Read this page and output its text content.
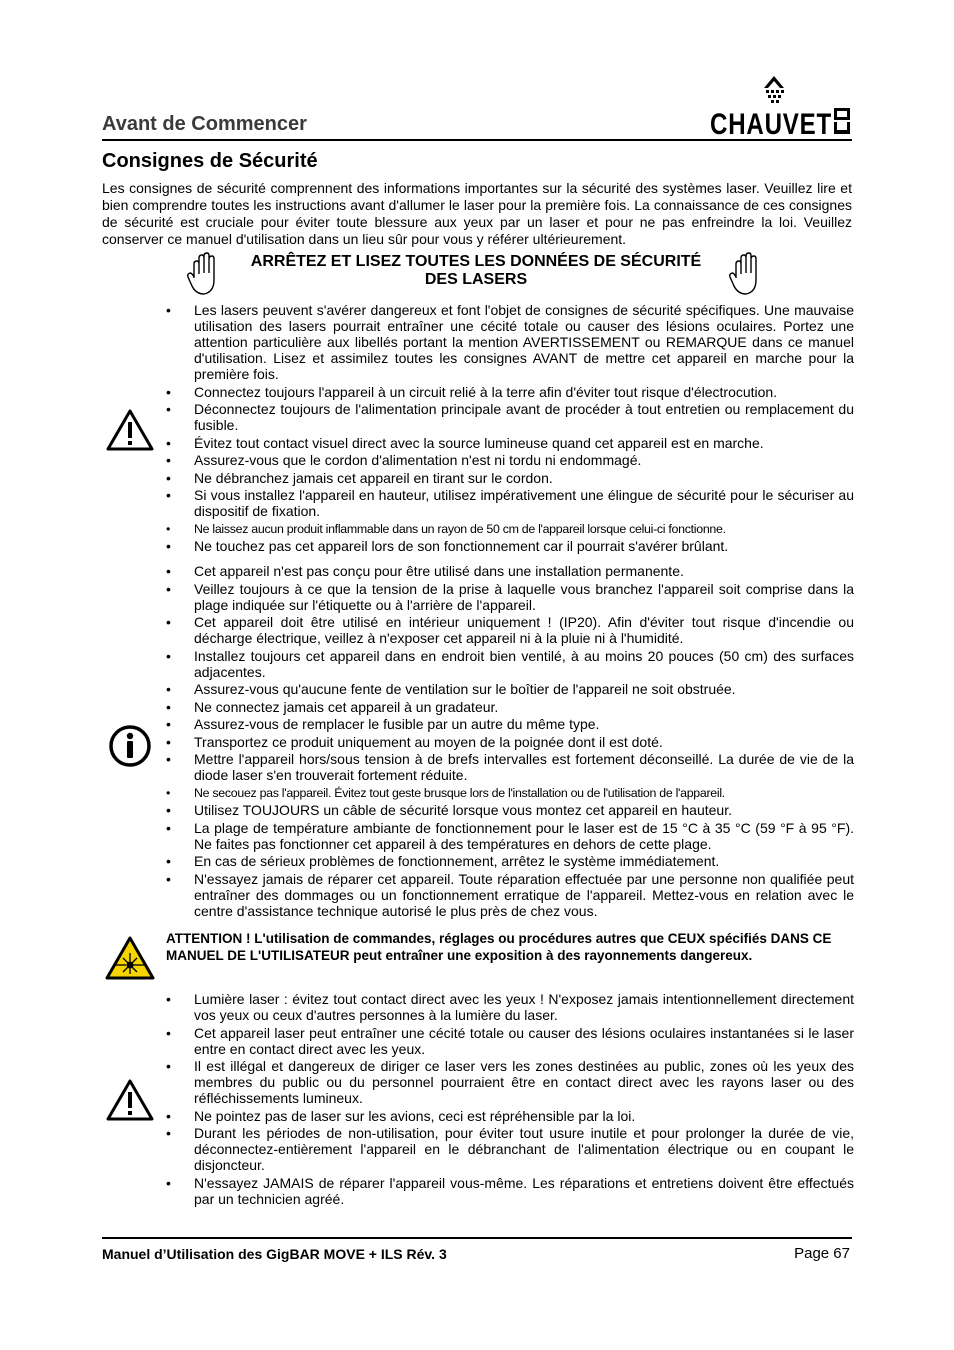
CHAUVET
Avant de Commencer
Consignes de Sécurité
Les consignes de sécurité comprennent des informations importantes sur la sécurité des systèmes laser. Veuillez lire et bien comprendre toutes les instructions avant d'allumer le laser pour la première fois. La connaissance de ces consignes de sécurité est cruciale pour éviter toute blessure aux yeux par un laser et pour ne pas enfreindre la loi. Veuillez conserver ce manuel d'utilisation dans un lieu sûr pour vous y référer ultérieurement.
ARRÊTEZ ET LISEZ TOUTES LES DONNÉES DE SÉCURITÉ DES LASERS
• Les lasers peuvent s'avérer dangereux et font l'objet de consignes de sécurité spécifiques. Une mauvaise utilisation des lasers pourrait entraîner une cécité totale ou causer des lésions oculaires. Portez une attention particulière aux libellés portant la mention AVERTISSEMENT ou REMARQUE dans ce manuel d'utilisation. Lisez et assimilez toutes les consignes AVANT de mettre cet appareil en marche pour la première fois.
• Connectez toujours l'appareil à un circuit relié à la terre afin d'éviter tout risque d'électrocution.
• Déconnectez toujours de l'alimentation principale avant de procéder à tout entretien ou remplacement du fusible.
• Évitez tout contact visuel direct avec la source lumineuse quand cet appareil est en marche.
• Assurez-vous que le cordon d'alimentation n'est ni tordu ni endommagé.
• Ne débranchez jamais cet appareil en tirant sur le cordon.
• Si vous installez l'appareil en hauteur, utilisez impérativement une élingue de sécurité pour le sécuriser au dispositif de fixation.
• Ne laissez aucun produit inflammable dans un rayon de 50 cm de l'appareil lorsque celui-ci fonctionne.
• Ne touchez pas cet appareil lors de son fonctionnement car il pourrait s'avérer brûlant.
• Cet appareil n'est pas conçu pour être utilisé dans une installation permanente.
• Veillez toujours à ce que la tension de la prise à laquelle vous branchez l'appareil soit comprise dans la plage indiquée sur l'étiquette ou à l'arrière de l'appareil.
• Cet appareil doit être utilisé en intérieur uniquement ! (IP20). Afin d'éviter tout risque d'incendie ou décharge électrique, veillez à n'exposer cet appareil ni à la pluie ni à l'humidité.
• Installez toujours cet appareil dans en endroit bien ventilé, à au moins 20 pouces (50 cm) des surfaces adjacentes.
• Assurez-vous qu'aucune fente de ventilation sur le boîtier de l'appareil ne soit obstruée.
• Ne connectez jamais cet appareil à un gradateur.
• Assurez-vous de remplacer le fusible par un autre du même type.
• Transportez ce produit uniquement au moyen de la poignée dont il est doté.
• Mettre l'appareil hors/sous tension à de brefs intervalles est fortement déconseillé. La durée de vie de la diode laser s'en trouverait fortement réduite.
• Ne secouez pas l'appareil. Évitez tout geste brusque lors de l'installation ou de l'utilisation de l'appareil.
• Utilisez TOUJOURS un câble de sécurité lorsque vous montez cet appareil en hauteur.
• La plage de température ambiante de fonctionnement pour le laser est de 15 °C à 35 °C (59 °F à 95 °F). Ne faites pas fonctionner cet appareil à des températures en dehors de cette plage.
• En cas de sérieux problèmes de fonctionnement, arrêtez le système immédiatement.
• N'essayez jamais de réparer cet appareil. Toute réparation effectuée par une personne non qualifiée peut entraîner des dommages ou un fonctionnement erratique de l'appareil. Mettez-vous en relation avec le centre d'assistance technique autorisé le plus près de chez vous.
ATTENTION ! L'utilisation de commandes, réglages ou procédures autres que CEUX spécifiés DANS CE MANUEL DE L'UTILISATEUR peut entraîner une exposition à des rayonnements dangereux.
• Lumière laser : évitez tout contact direct avec les yeux ! N'exposez jamais intentionnellement directement vos yeux ou ceux d'autres personnes à la lumière du laser.
• Cet appareil laser peut entraîner une cécité totale ou causer des lésions oculaires instantanées si le laser entre en contact direct avec les yeux.
• Il est illégal et dangereux de diriger ce laser vers les zones destinées au public, zones où les yeux des membres du public ou du personnel pourraient être en contact direct avec les rayons laser ou des réfléchissements lumineux.
• Ne pointez pas de laser sur les avions, ceci est répréhensible par la loi.
• Durant les périodes de non-utilisation, pour éviter tout usure inutile et pour prolonger la durée de vie, déconnectez-entièrement l'appareil en le débranchant de l'alimentation électrique ou en coupant le disjoncteur.
• N'essayez JAMAIS de réparer l'appareil vous-même. Les réparations et entretiens doivent être effectués par un technicien agréé.
Manuel d’Utilisation des GigBAR MOVE + ILS Rév. 3	Page 67
